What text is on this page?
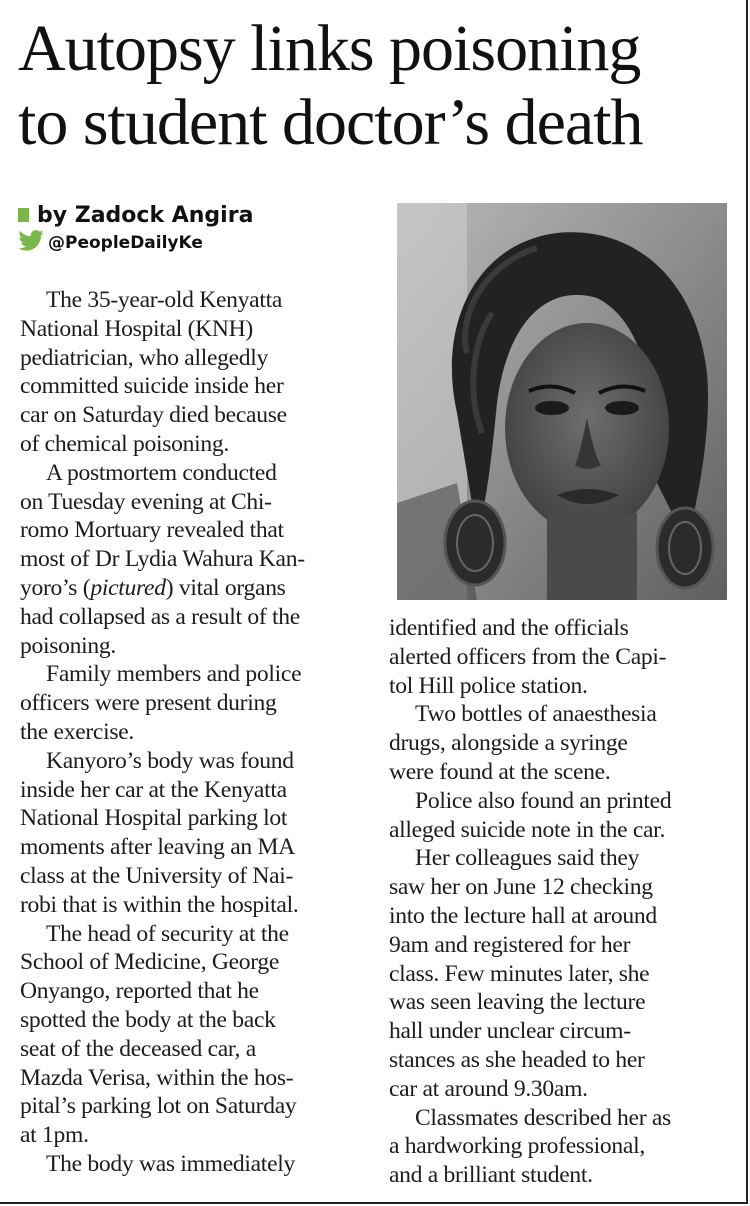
Autopsy links poisoning
to student doctor’s death
by Zadock Angira
@PeopleDailyKe

The 35-year-old Kenyatta
National Hospital (KNH)
pediatrician, who allegedly
committed suicide inside her
car on Saturday died because
of chemical poisoning.

A postmortem conducted
on Tuesday evening at Chi-
romo Mortuary revealed that
most of Dr Lydia Wahura Kan-
yoro’s (pictured) vital organs
had collapsed as a result of the
poisoning.

Family members and police
officers were present during
the exercise.

Kanyoro’s body was found
inside her car at the Kenyatta
National Hospital parking lot
moments after leaving an MA
class at the University of Nai-
robi that is within the hospital.

The head of security at the
School of Medicine, George
Onyango, reported that he
spotted the body at the back
seat of the deceased car, a
Mazda Verisa, within the hos-
pital’s parking lot on Saturday
at 1pm.

The body was immediately

identified and the officials
alerted officers from the Capi-
tol Hill police station.

Two bottles of anaesthesia
drugs, alongside a syringe
were found at the scene.

Police also found an printed
alleged suicide note in the car.

Her colleagues said they
saw her on June 12 checking
into the lecture hall at around
9am and registered for her
class. Few minutes later, she
was seen leaving the lecture
hall under unclear circum-
stances as she headed to her
car at around 9.30am.

Classmates described her as
a hardworking professional,
and a brilliant student.
